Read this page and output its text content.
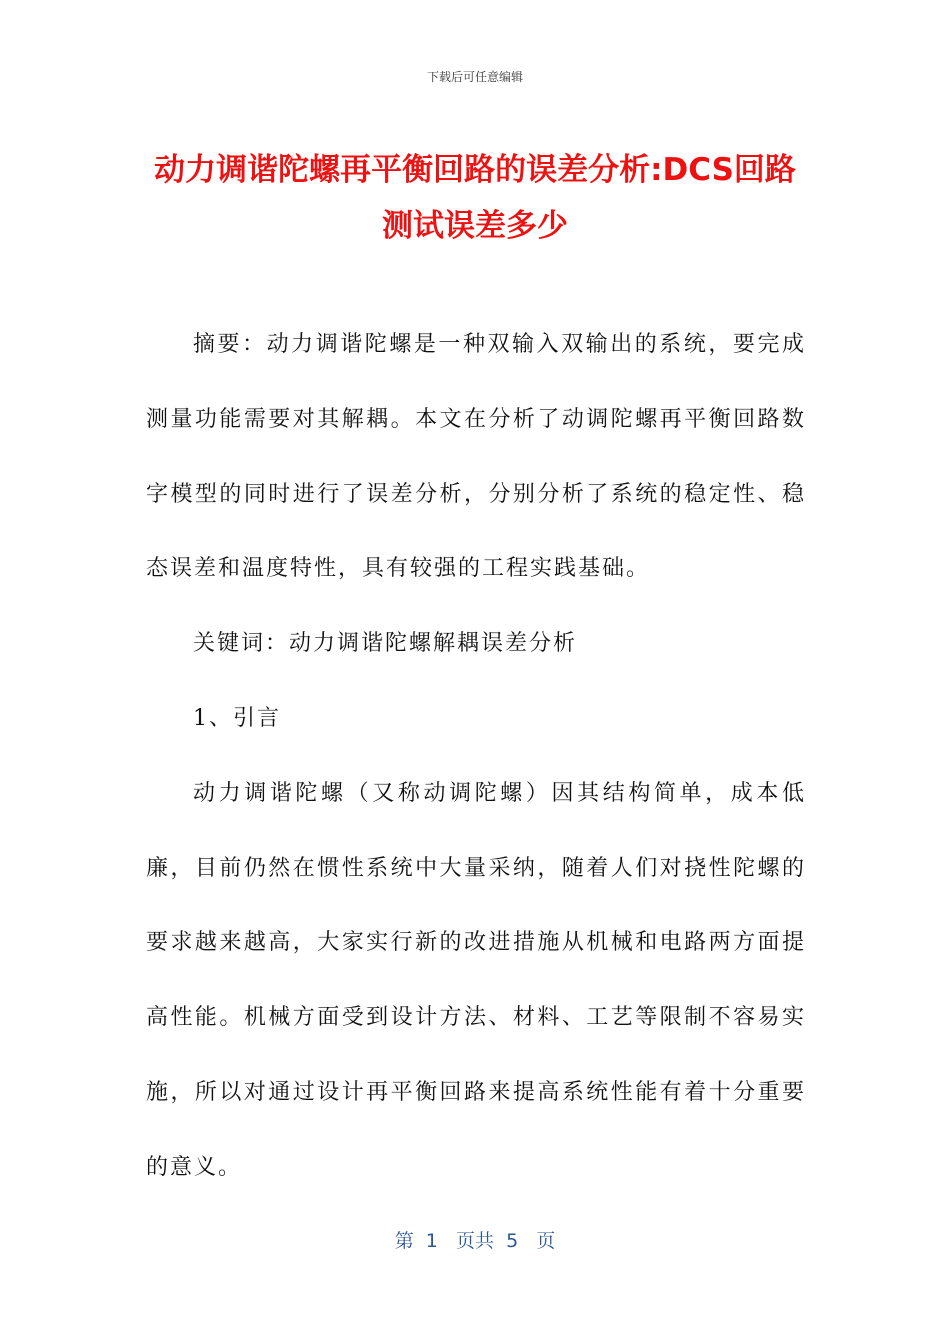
下载后可任意编辑
动力调谐陀螺再平衡回路的误差分析:DCS回路测试误差多少

摘要：动力调谐陀螺是一种双输入双输出的系统，要完成测量功能需要对其解耦。本文在分析了动调陀螺再平衡回路数字模型的同时进行了误差分析，分别分析了系统的稳定性、稳态误差和温度特性，具有较强的工程实践基础。

关键词：动力调谐陀螺解耦误差分析

1、引言

动力调谐陀螺（又称动调陀螺）因其结构简单，成本低廉，目前仍然在惯性系统中大量采纳，随着人们对挠性陀螺的要求越来越高，大家实行新的改进措施从机械和电路两方面提高性能。机械方面受到设计方法、材料、工艺等限制不容易实施，所以对通过设计再平衡回路来提高系统性能有着十分重要的意义。

第  1   页共  5   页
